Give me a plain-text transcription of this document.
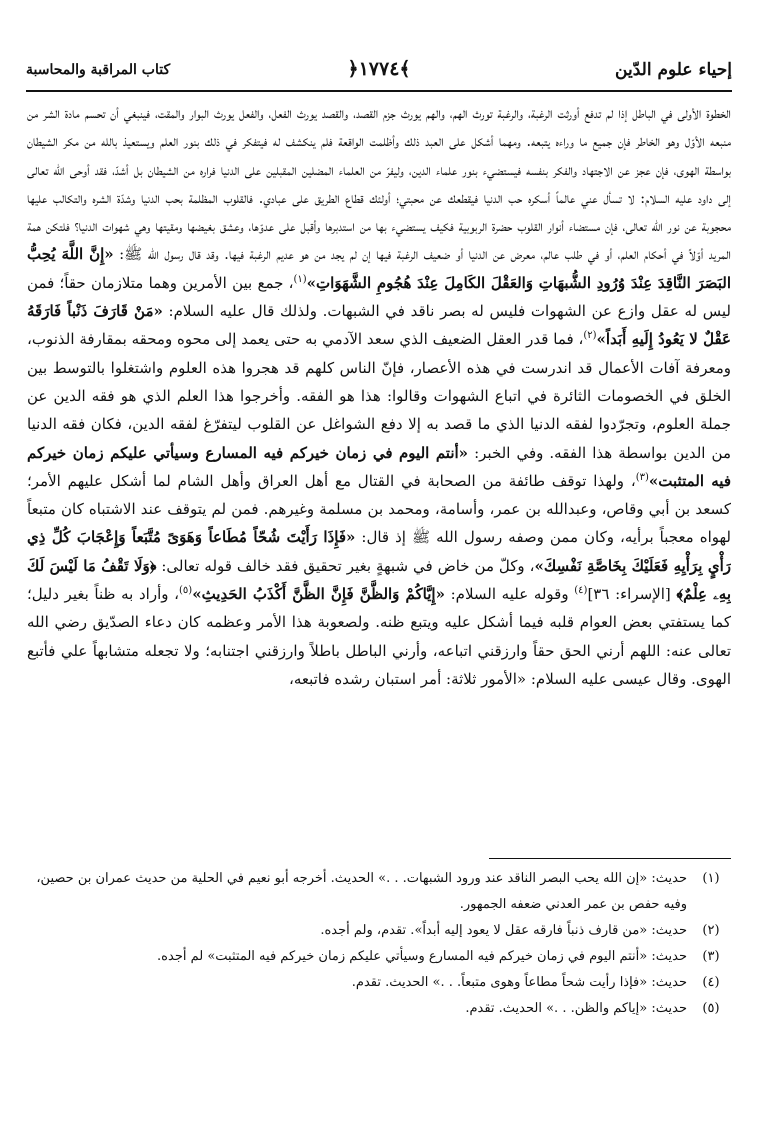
إحياء علوم الدّين
﴿١٧٧٤﴾
كتاب المراقبة والمحاسبة

الخطوة الأولى في الباطل إذا لم تدفع أورثت الرغبة، والرغبة تورث الهم، والهم يورث جزم القصد، والقصد يورث الفعل، والفعل يورث البوار والمقت، فينبغي أن تحسم مادة الشر من منبعه الأوّل وهو الخاطر فإن جميع ما وراءه يتبعه. ومهما أشكل على العبد ذلك وأظلمت الواقعة فلم ينكشف له فيتفكر في ذلك بنور العلم ويستعيذ بالله من مكر الشيطان بواسطة الهوى، فإن عجز عن الاجتهاد والفكر بنفسه فيستضيء بنور علماء الدين، وليفرّ من العلماء المضلين المقبلين على الدنيا فراره من الشيطان بل أشدّ، فقد أوحى الله تعالى إلى داود عليه السلام: لا تسأل عني عالماً أسكره حب الدنيا فيقطعك عن محبتي؛ أولئك قطاع الطريق على عبادي. فالقلوب المظلمة بحب الدنيا وشدّة الشره والتكالب عليها محجوبة عن نور الله تعالى، فإن مستضاء أنوار القلوب حضرة الربوبية فكيف يستضيء بها من استدبرها وأقبل على عدوّها، وعشق بغيضها ومقيتها وهي شهوات الدنيا؟ فلتكن همة المريد أوّلاً في أحكام العلم، أو في طلب عالم، معرض عن الدنيا أو ضعيف الرغبة فيها إن لم يجد من هو عديم الرغبة فيها. وقد قال رسول الله ﷺ: «إِنَّ اللَّهَ يُحِبُّ البَصَرَ النَّاقِدَ عِنْدَ وُرُودِ الشُّبهَاتِ وَالعَقْلَ الكَامِلَ عِنْدَ هُجُومِ الشَّهَوَاتِ»$^{(١)}$، جمع بين الأمرين وهما متلازمان حقاً؛ فمن ليس له عقل وازع عن الشهوات فليس له بصر ناقد في الشبهات. ولذلك قال عليه السلام: «مَنْ قَارَفَ ذَنْباً فَارَقَهُ عَقْلٌ لا يَعُودُ إِلَيهِ أَبَداً»$^{(٢)}$، فما قدر العقل الضعيف الذي سعد الآدمي به حتى يعمد إلى محوه ومحقه بمقارفة الذنوب، ومعرفة آفات الأعمال قد اندرست في هذه الأعصار، فإنّ الناس كلهم قد هجروا هذه العلوم واشتغلوا بالتوسط بين الخلق في الخصومات الثائرة في اتباع الشهوات وقالوا: هذا هو الفقه. وأخرجوا هذا العلم الذي هو فقه الدين عن جملة العلوم، وتجرّدوا لفقه الدنيا الذي ما قصد به إلا دفع الشواغل عن القلوب ليتفرّغ لفقه الدين، فكان فقه الدنيا من الدين بواسطة هذا الفقه. وفي الخبر: «أنتم اليوم في زمان خيركم فيه المسارع وسيأتي عليكم زمان خيركم فيه المتثبت»$^{(٣)}$، ولهذا توقف طائفة من الصحابة في القتال مع أهل العراق وأهل الشام لما أشكل عليهم الأمر؛ كسعد بن أبي وقاص، وعبدالله بن عمر، وأسامة، ومحمد بن مسلمة وغيرهم. فمن لم يتوقف عند الاشتباه كان متبعاً لهواه معجباً برأيه، وكان ممن وصفه رسول الله ﷺ إذ قال: «فَإِذَا رَأَيْتَ شُحّاً مُطَاعاً وَهَوَىً مُتَّبَعاً وَإِعْجَابَ كُلِّ ذِي رَأْيٍ بِرَأْيِهِ فَعَلَيْكَ بِخَاصَّةِ نَفْسِكَ»، وكلّ من خاض في شبهةٍ بغير تحقيق فقد خالف قوله تعالى: ﴿وَلَا تَقْفُ مَا لَيْسَ لَكَ بِهِۦ عِلْمٌ﴾ [الإسراء: ٣٦]$^{(٤)}$ وقوله عليه السلام: «إِيَّاكُمْ وَالظَّنَّ فَإِنَّ الظَّنَّ أَكْذَبُ الحَدِيثِ»$^{(٥)}$، وأراد به ظناً بغير دليل؛ كما يستفتي بعض العوام قلبه فيما أشكل عليه ويتبع ظنه. ولصعوبة هذا الأمر وعظمه كان دعاء الصدّيق رضي الله تعالى عنه: اللهم أرني الحق حقاً وارزقني اتباعه، وأرني الباطل باطلاً وارزقني اجتنابه؛ ولا تجعله متشابهاً علي فأتبع الهوى. وقال عيسى عليه السلام: «الأمور ثلاثة: أمر استبان رشده فاتبعه،

(١)
حديث: «إن الله يحب البصر الناقد عند ورود الشبهات. . .» الحديث. أخرجه أبو نعيم في الحلية من حديث عمران بن حصين، وفيه حفص بن عمر العدني ضعفه الجمهور.
(٢)
حديث: «من قارف ذنباً فارقه عقل لا يعود إليه أبداً». تقدم، ولم أجده.
(٣)
حديث: «أنتم اليوم في زمان خيركم فيه المسارع وسيأتي عليكم زمان خيركم فيه المتثبت» لم أجده.
(٤)
حديث: «فإذا رأيت شحاً مطاعاً وهوى متبعاً. . .» الحديث. تقدم.
(٥)
حديث: «إياكم والظن. . .» الحديث. تقدم.
